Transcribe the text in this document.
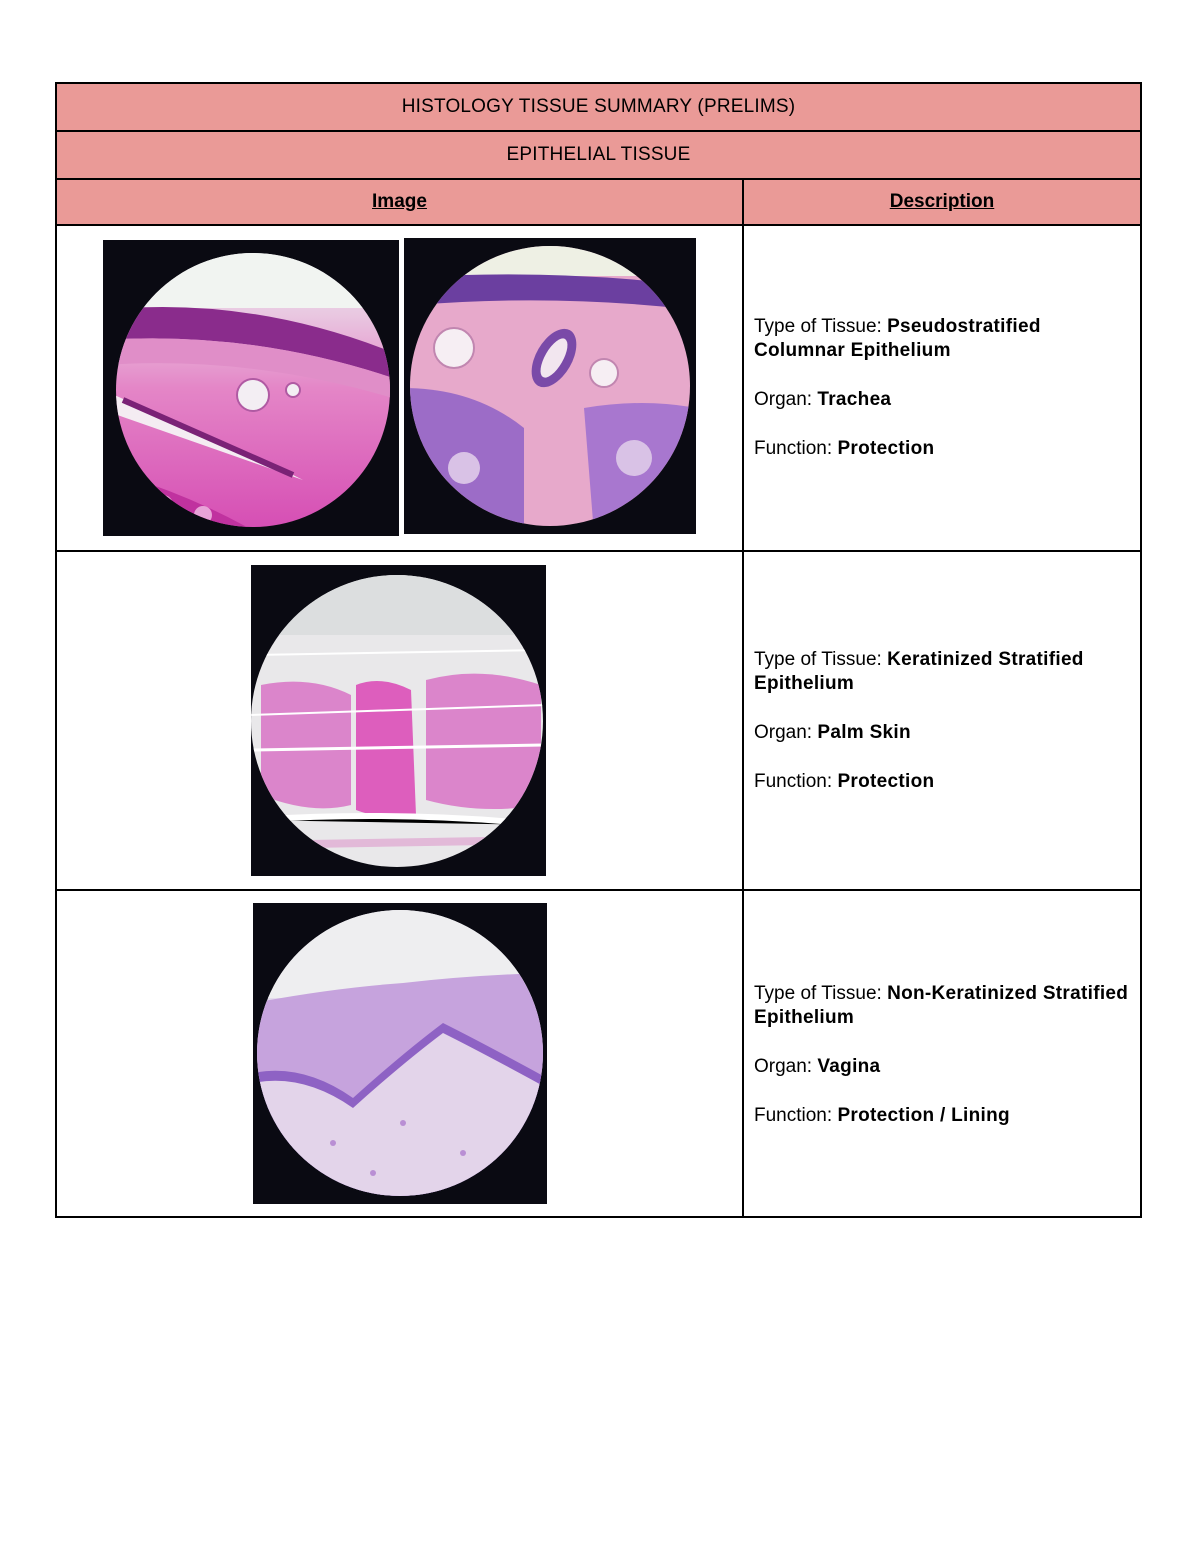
HISTOLOGY TISSUE SUMMARY (PRELIMS)
EPITHELIAL TISSUE
Image	Description

Type of Tissue: Pseudostratified Columnar Epithelium

Organ: Trachea

Function: Protection

Type of Tissue: Keratinized Stratified Epithelium

Organ: Palm Skin

Function: Protection

Type of Tissue: Non-Keratinized Stratified Epithelium

Organ: Vagina

Function: Protection / Lining
